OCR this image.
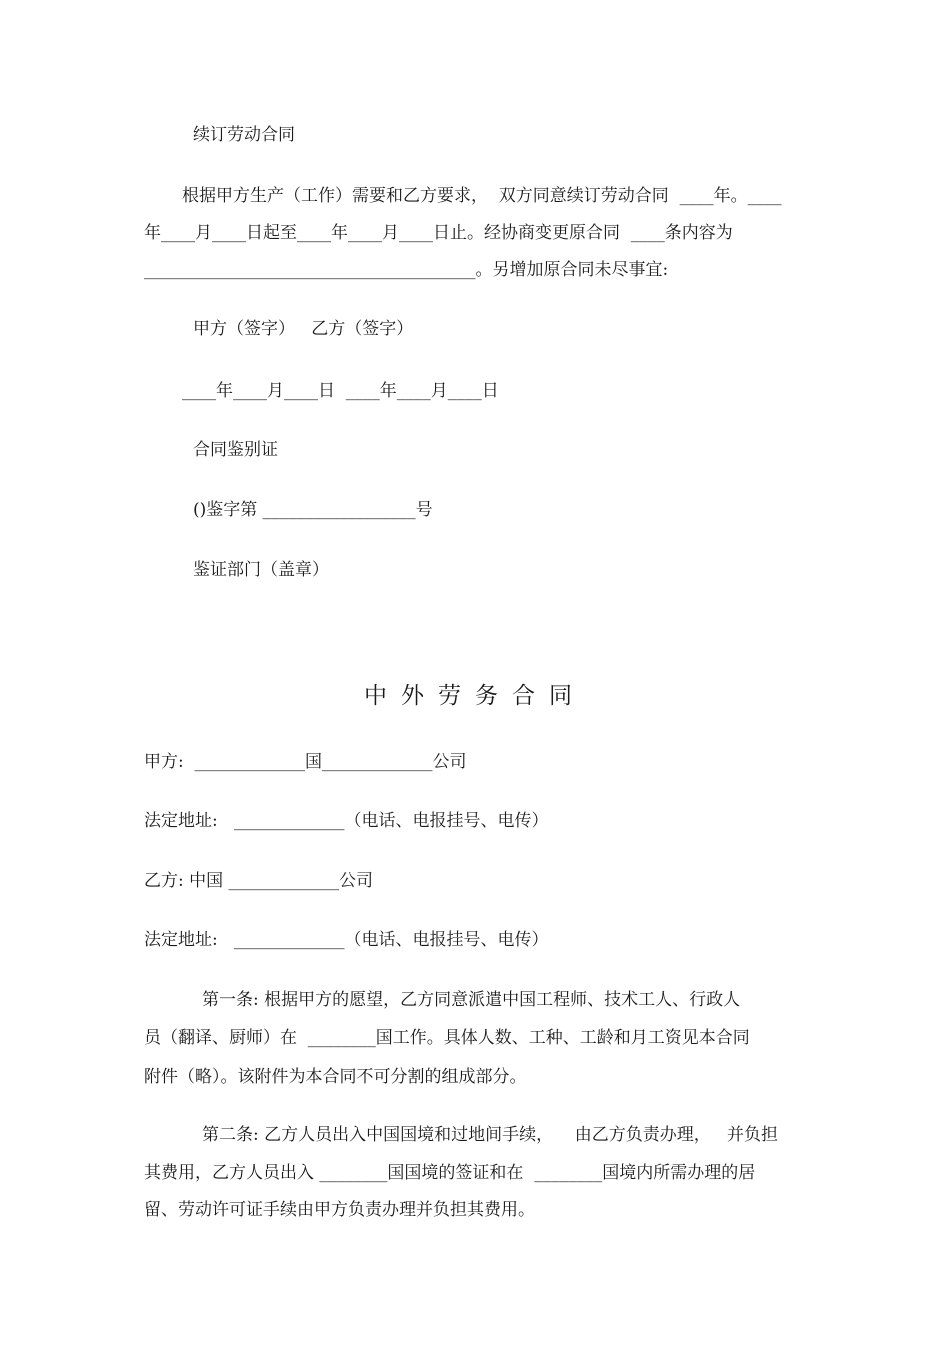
续订劳动合同
根据甲方生产（工作）需要和乙方要求，  双方同意续订劳动合同  ____年。____
年____月____日起至____年____月____日止。经协商变更原合同  ____条内容为
_______________________________________。另增加原合同未尽事宜:
甲方（签字）   乙方（签字）
____年____月____日  ____年____月____日
合同鉴别证
()鉴字第 __________________号
鉴证部门（盖章）
中外劳务合同
甲方:  _____________国_____________公司
法定地址:   _____________（电话、电报挂号、电传）
乙方: 中国 _____________公司
法定地址:   _____________（电话、电报挂号、电传）
第一条: 根据甲方的愿望，乙方同意派遣中国工程师、技术工人、行政人
员（翻译、厨师）在  ________国工作。具体人数、工种、工龄和月工资见本合同
附件（略）。该附件为本合同不可分割的组成部分。
第二条: 乙方人员出入中国国境和过地间手续，    由乙方负责办理，   并负担
其费用，乙方人员出入 ________国国境的签证和在  ________国境内所需办理的居
留、劳动许可证手续由甲方负责办理并负担其费用。
